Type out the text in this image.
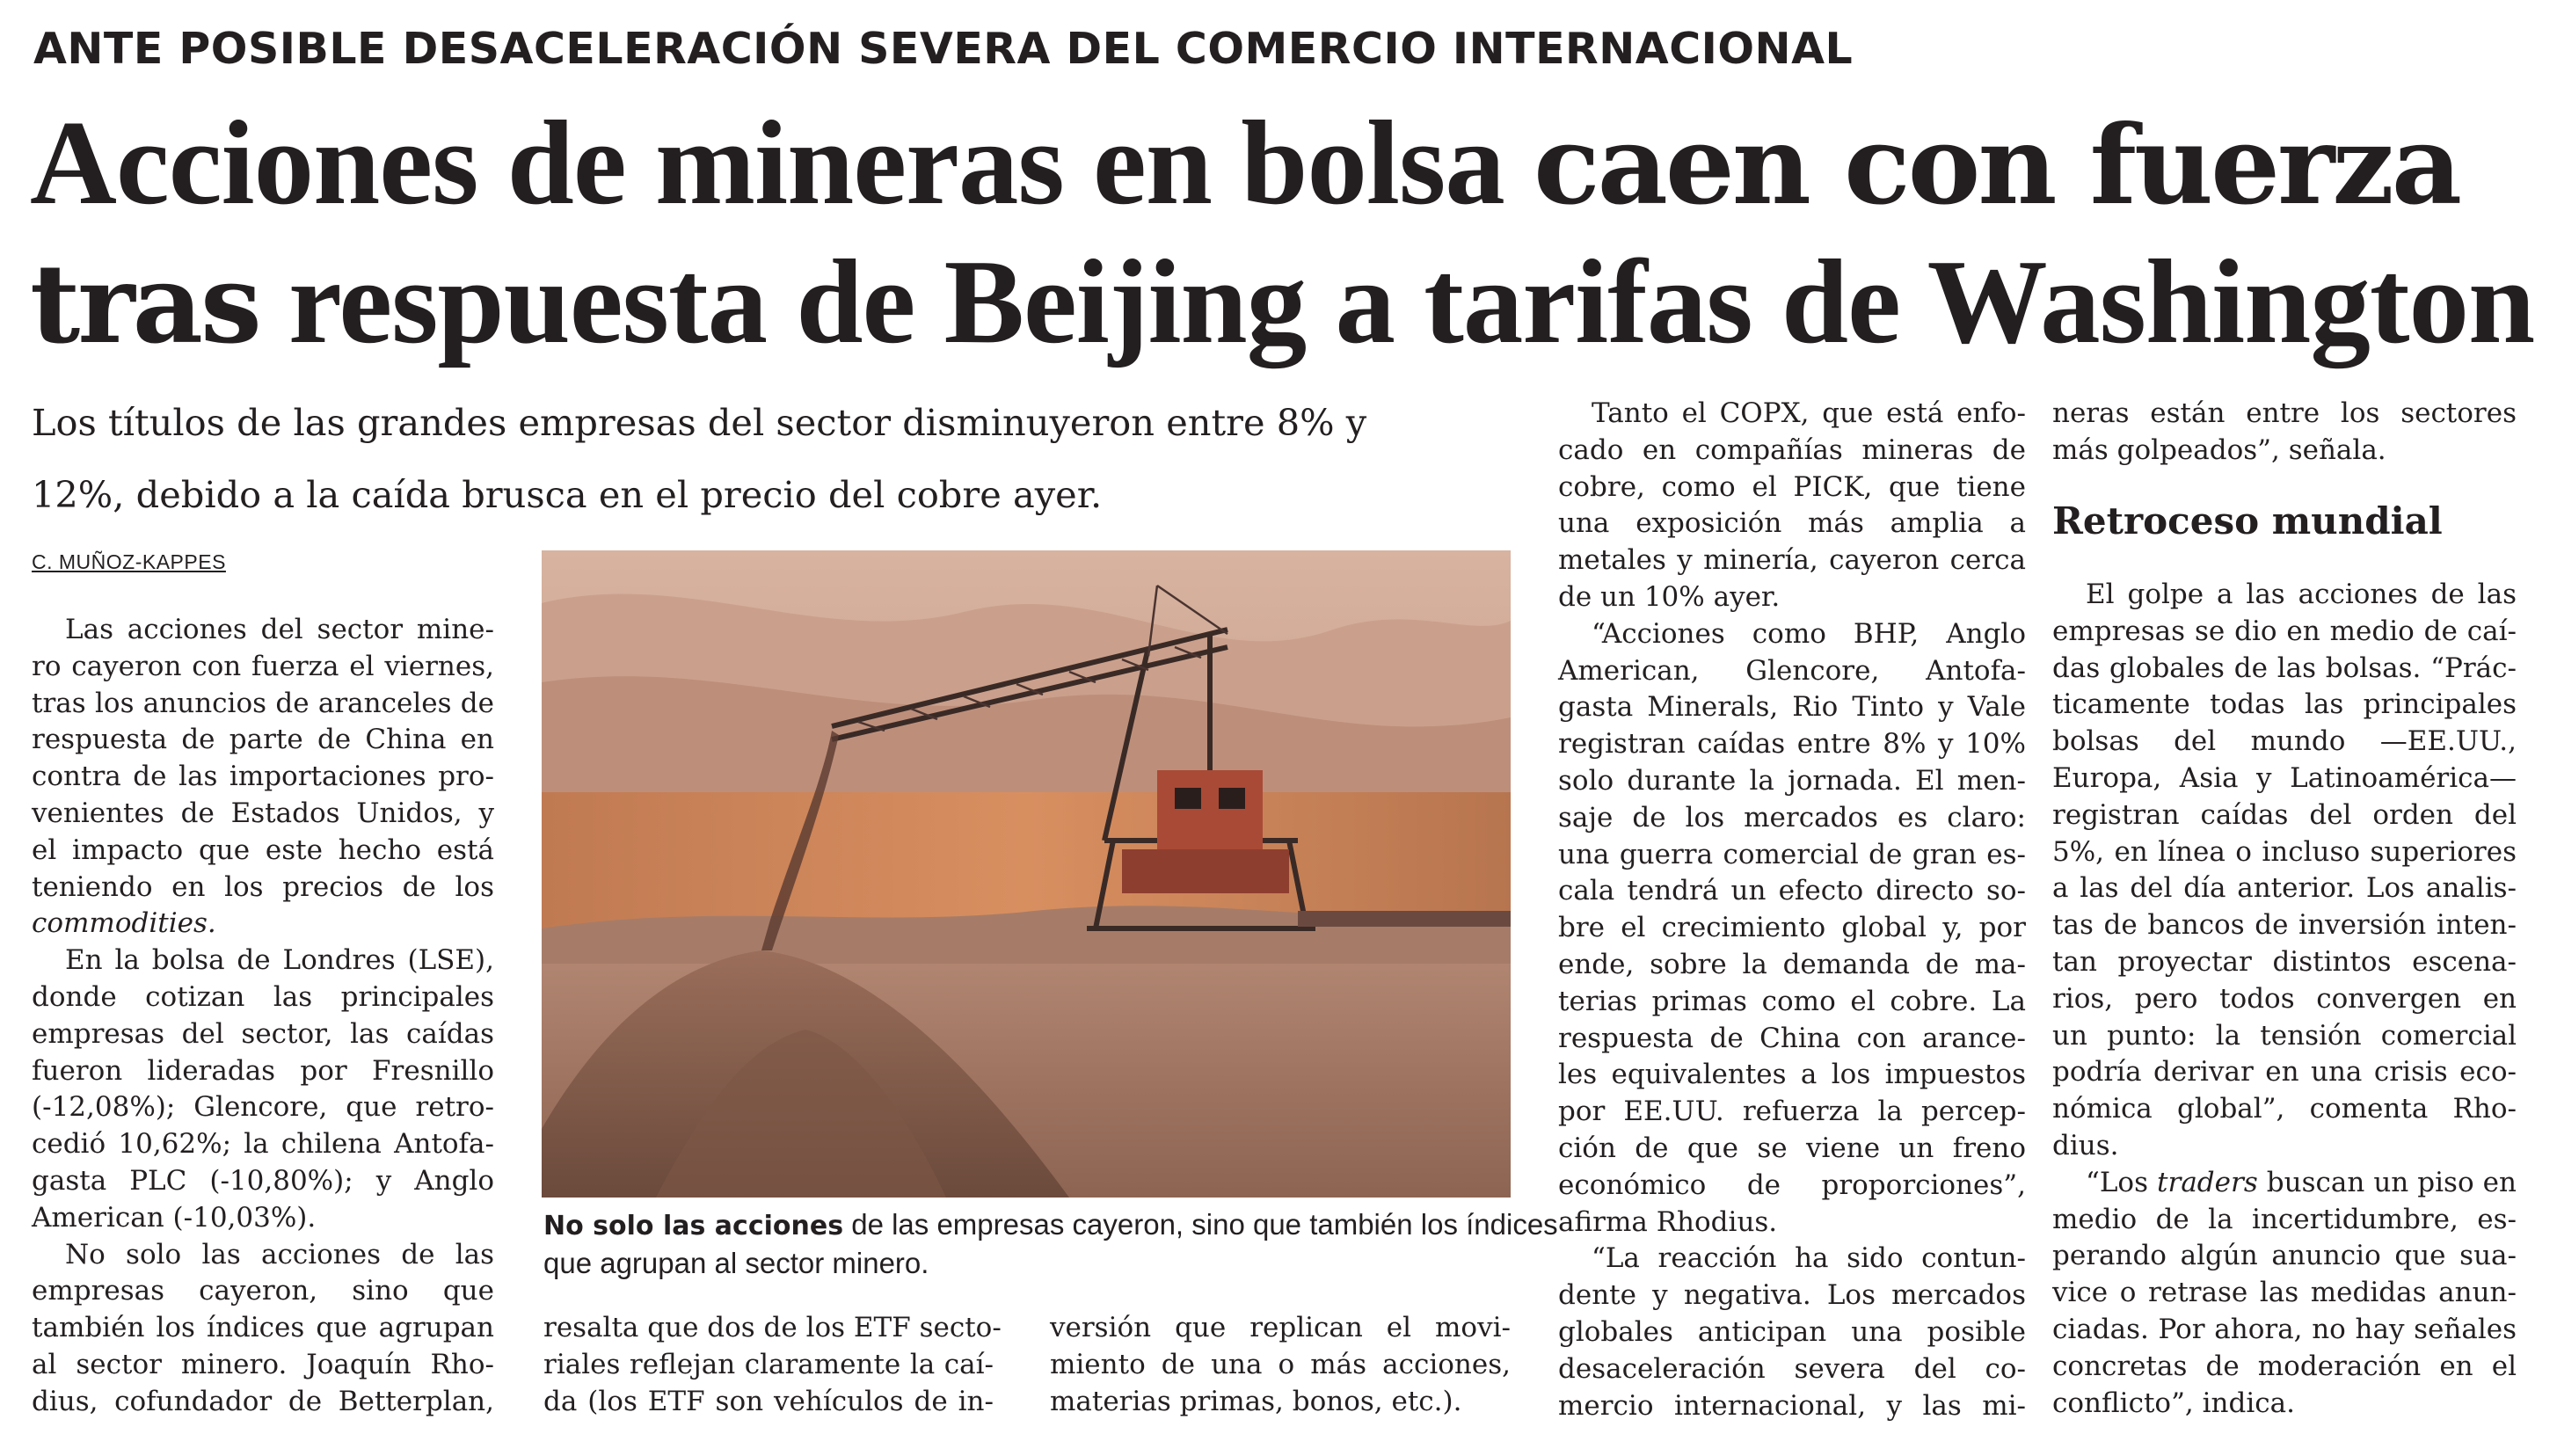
ANTE POSIBLE DESACELERACIÓN SEVERA DEL COMERCIO INTERNACIONAL

Acciones de mineras en bolsa caen con fuerza

tras respuesta de Beijing a tarifas de Washington

Los títulos de las grandes empresas del sector disminuyeron entre 8% y
12%, debido a la caída brusca en el precio del cobre ayer.
C. MUÑOZ-KAPPES
Las acciones del sector mine-
ro cayeron con fuerza el viernes,
tras los anuncios de aranceles de
respuesta de parte de China en
contra de las importaciones pro-
venientes de Estados Unidos, y
el impacto que este hecho está
teniendo en los precios de los
commodities.
En la bolsa de Londres (LSE),
donde cotizan las principales
empresas del sector, las caídas
fueron lideradas por Fresnillo
(-12,08%); Glencore, que retro-
cedió 10,62%; la chilena Antofa-
gasta PLC (-10,80%); y Anglo
American (-10,03%).
No solo las acciones de las
empresas cayeron, sino que
también los índices que agrupan
al sector minero. Joaquín Rho-
dius, cofundador de Betterplan,
No solo las acciones de las empresas cayeron, sino que también los índices
que agrupan al sector minero.
resalta que dos de los ETF secto-
riales reflejan claramente la caí-
da (los ETF son vehículos de in-
versión que replican el movi-
miento de una o más acciones,
materias primas, bonos, etc.).
Tanto el COPX, que está enfo-
cado en compañías mineras de
cobre, como el PICK, que tiene
una exposición más amplia a
metales y minería, cayeron cerca
de un 10% ayer.
“Acciones como BHP, Anglo
American, Glencore, Antofa-
gasta Minerals, Rio Tinto y Vale
registran caídas entre 8% y 10%
solo durante la jornada. El men-
saje de los mercados es claro:
una guerra comercial de gran es-
cala tendrá un efecto directo so-
bre el crecimiento global y, por
ende, sobre la demanda de ma-
terias primas como el cobre. La
respuesta de China con arance-
les equivalentes a los impuestos
por EE.UU. refuerza la percep-
ción de que se viene un freno
económico de proporciones”,
afirma Rhodius.
“La reacción ha sido contun-
dente y negativa. Los mercados
globales anticipan una posible
desaceleración severa del co-
mercio internacional, y las mi-
neras están entre los sectores
más golpeados”, señala.
Retroceso mundial
El golpe a las acciones de las
empresas se dio en medio de caí-
das globales de las bolsas. “Prác-
ticamente todas las principales
bolsas del mundo —EE.UU.,
Europa, Asia y Latinoamérica—
registran caídas del orden del
5%, en línea o incluso superiores
a las del día anterior. Los analis-
tas de bancos de inversión inten-
tan proyectar distintos escena-
rios, pero todos convergen en
un punto: la tensión comercial
podría derivar en una crisis eco-
nómica global”, comenta Rho-
dius.
“Los traders buscan un piso en
medio de la incertidumbre, es-
perando algún anuncio que sua-
vice o retrase las medidas anun-
ciadas. Por ahora, no hay señales
concretas de moderación en el
conflicto”, indica.
